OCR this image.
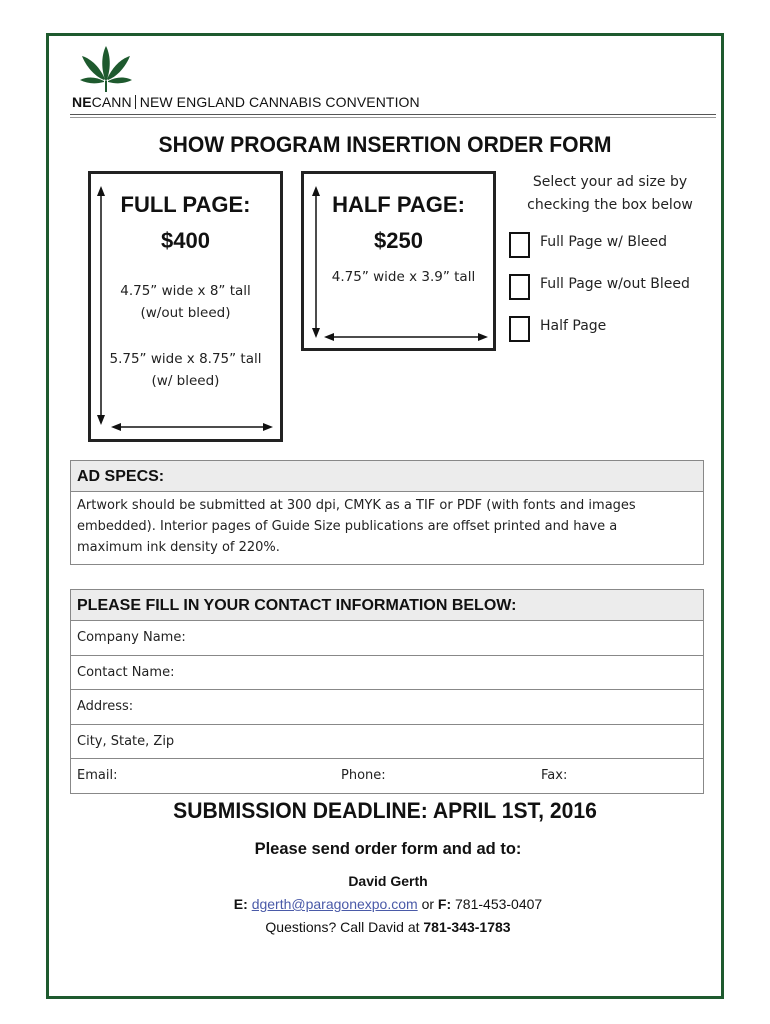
NECANN NEW ENGLAND CANNABIS CONVENTION
SHOW PROGRAM INSERTION ORDER FORM
FULL PAGE:
$400
4.75” wide x 8” tall
(w/out bleed)
5.75” wide x 8.75” tall
(w/ bleed)
HALF PAGE:
$250
4.75” wide x 3.9” tall
Select your ad size by
checking the box below
Full Page w/ Bleed
Full Page w/out Bleed
Half Page
AD SPECS:
Artwork should be submitted at 300 dpi, CMYK as a TIF or PDF (with fonts and images
embedded). Interior pages of Guide Size publications are offset printed and have a
maximum ink density of 220%.
PLEASE FILL IN YOUR CONTACT INFORMATION BELOW:
Company Name:
Contact Name:
Address:
City, State, Zip
Email:	Phone:	Fax:
SUBMISSION DEADLINE: APRIL 1ST, 2016
Please send order form and ad to:
David Gerth
E: dgerth@paragonexpo.com or F: 781-453-0407
Questions? Call David at 781-343-1783
